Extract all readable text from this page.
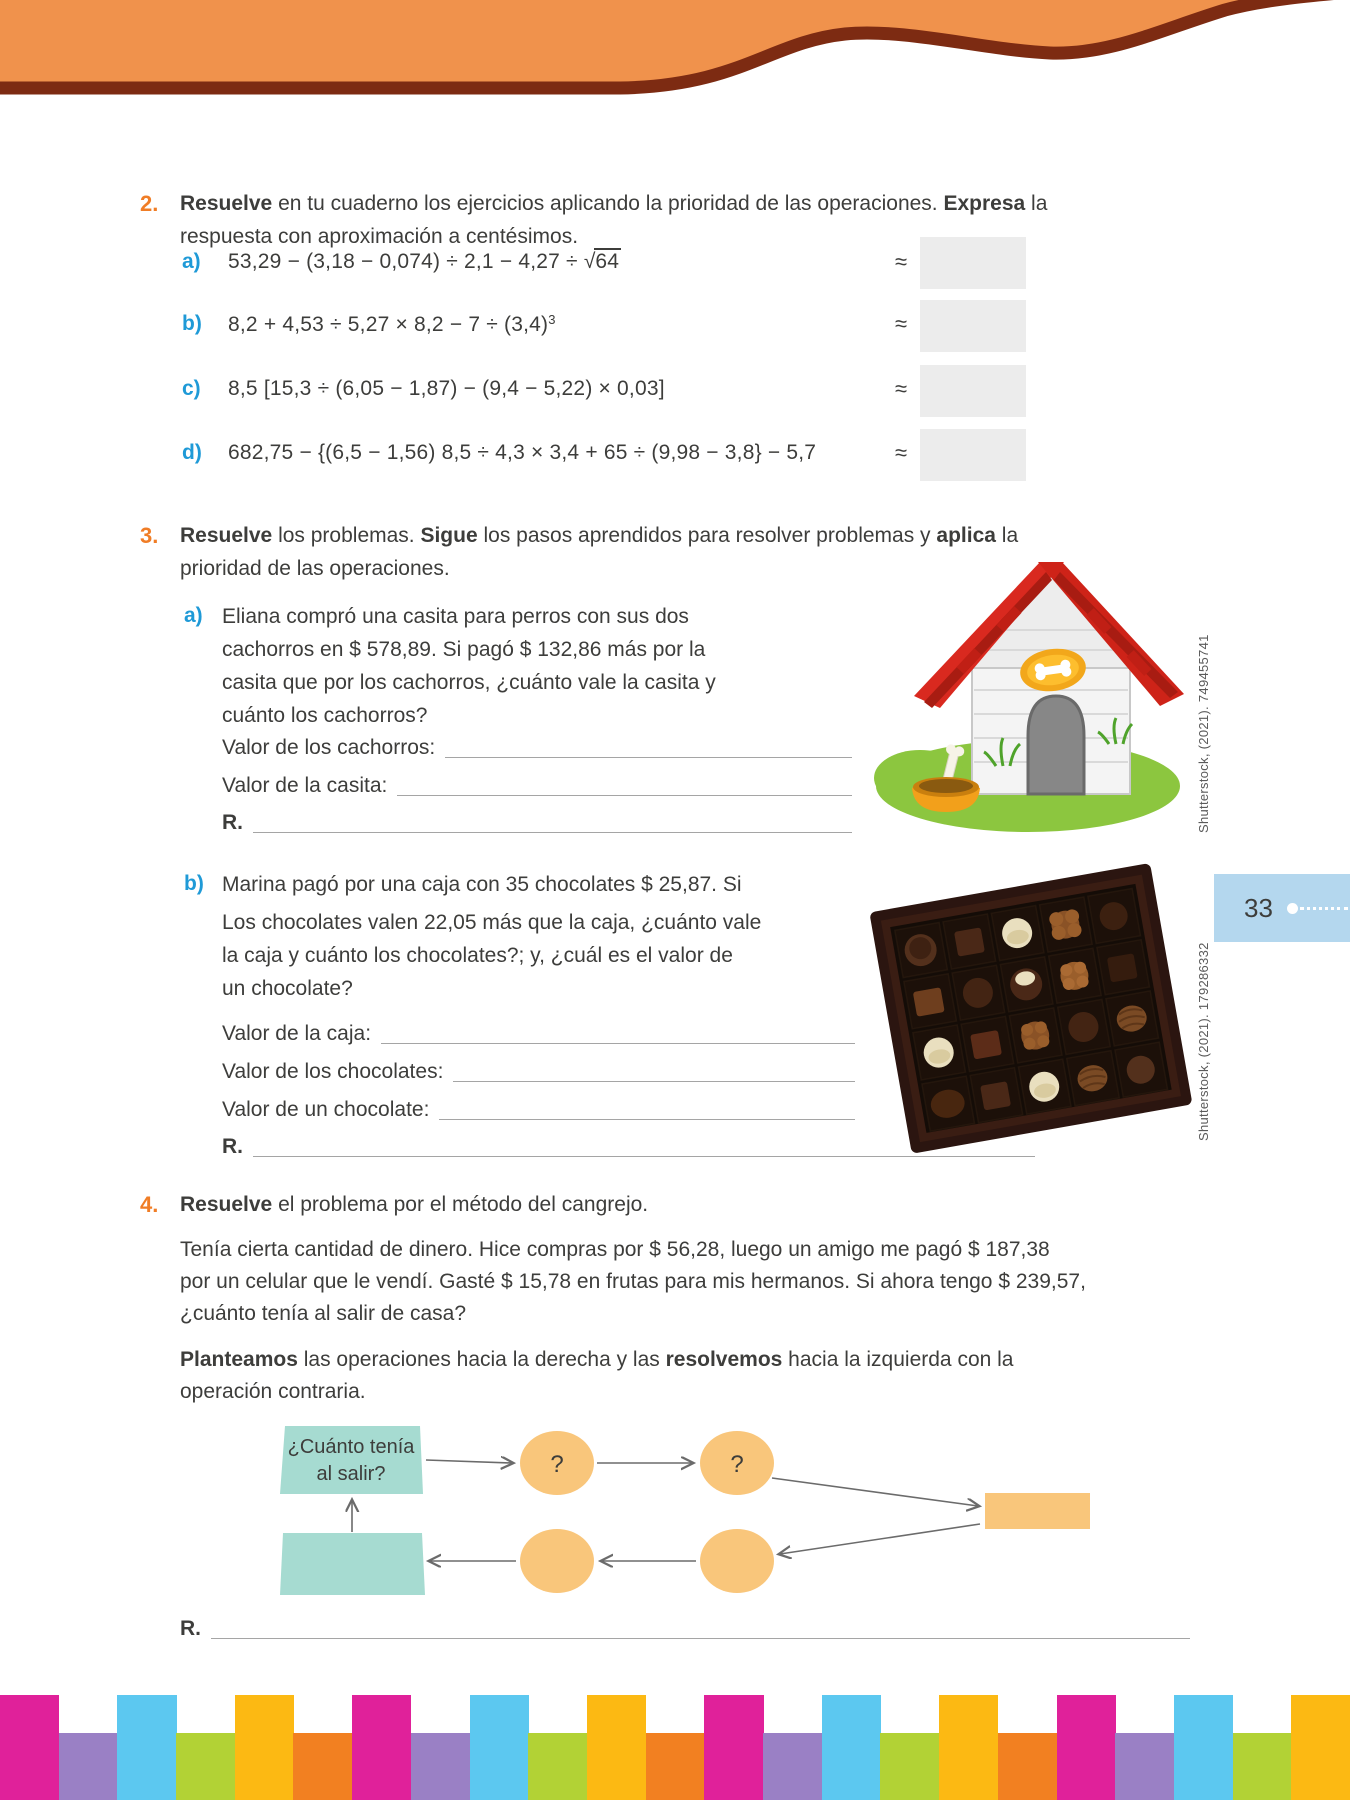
2. Resuelve en tu cuaderno los ejercicios aplicando la prioridad de las operaciones. Expresa la
respuesta con aproximación a centésimos.
a) 53,29 − (3,18 − 0,074) ÷ 2,1 − 4,27 ÷ √64	≈
b) $8,2 + 4,53 \div 5,27 \times 8,2 - 7 \div (3,4)^3$	≈
c) 8,5 [15,3 ÷ (6,05 − 1,87) − (9,4 − 5,22) × 0,03]	≈
d) 682,75 − {(6,5 − 1,56) 8,5 ÷ 4,3 × 3,4 + 65 ÷ (9,98 − 3,8} − 5,7	≈
3. Resuelve los problemas. Sigue los pasos aprendidos para resolver problemas y aplica la
prioridad de las operaciones.
a) Eliana compró una casita para perros con sus dos
cachorros en $ 578,89. Si pagó $ 132,86 más por la
casita que por los cachorros, ¿cuánto vale la casita y
cuánto los cachorros?
Valor de los cachorros:
Valor de la casita:
R.	Shutterstock, (2021). 749455741
b) Marina pagó por una caja con 35 chocolates $ 25,87. Si
Los chocolates valen 22,05 más que la caja, ¿cuánto vale
la caja y cuánto los chocolates?; y, ¿cuál es el valor de
un chocolate?
Valor de la caja:
Valor de los chocolates:
Valor de un chocolate:
R.
Shutterstock, (2021). 179286332
33
4. Resuelve el problema por el método del cangrejo.
Tenía cierta cantidad de dinero. Hice compras por $ 56,28, luego un amigo me pagó $ 187,38
por un celular que le vendí. Gasté $ 15,78 en frutas para mis hermanos. Si ahora tengo $ 239,57,
¿cuánto tenía al salir de casa?
Planteamos las operaciones hacia la derecha y las resolvemos hacia la izquierda con la
operación contraria.
¿Cuánto tenía
al salir?	?	?
R.
